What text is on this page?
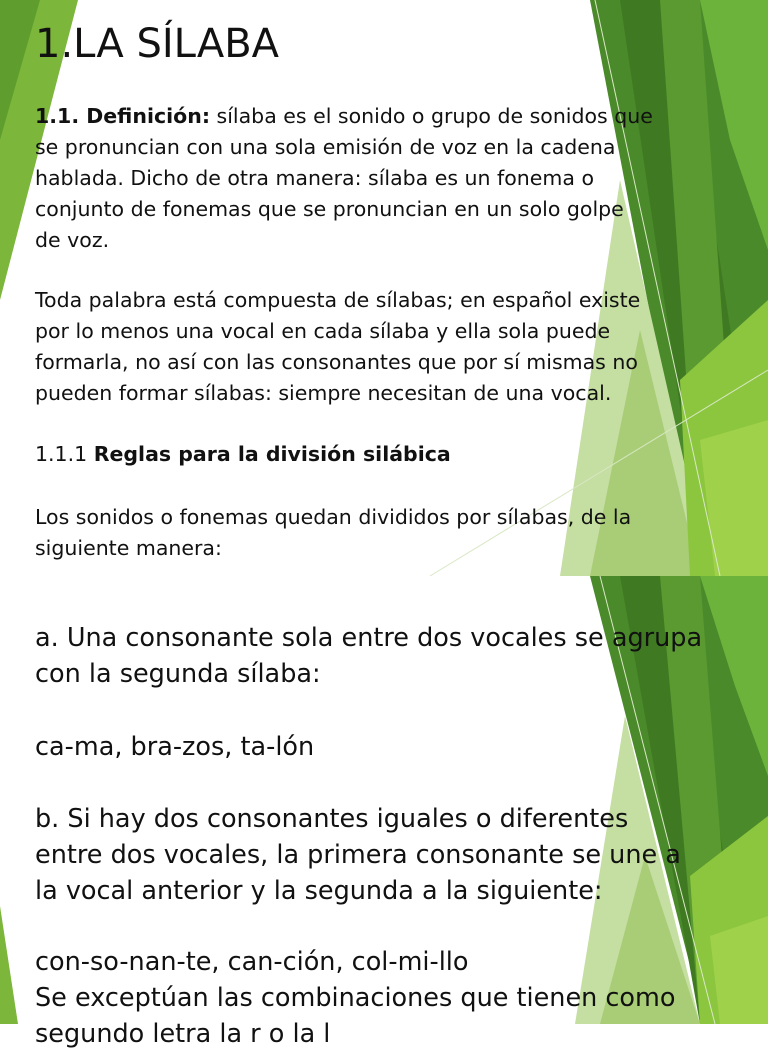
1.LA SÍLABA

1.1. Definición: sílaba es el sonido o grupo de sonidos que

se pronuncian con una sola emisión de voz en la cadena

hablada. Dicho de otra manera: sílaba es un fonema o

conjunto de fonemas que se pronuncian en un solo golpe

de voz.

Toda palabra está compuesta de sílabas; en español existe

por lo menos una vocal en cada sílaba y ella sola puede

formarla, no así con las consonantes que por sí mismas no

pueden formar sílabas: siempre necesitan de una vocal.

1.1.1 Reglas para la división silábica

Los sonidos o fonemas quedan divididos por sílabas, de la

siguiente manera:

a. Una consonante sola entre dos vocales se agrupa

con la segunda sílaba:

ca-ma, bra-zos, ta-lón

b. Si hay dos consonantes iguales o diferentes

entre dos vocales, la primera consonante se une a

la vocal anterior y la segunda a la siguiente:

con-so-nan-te, can-ción, col-mi-llo

Se exceptúan las combinaciones que tienen como

segundo letra la r o la l
